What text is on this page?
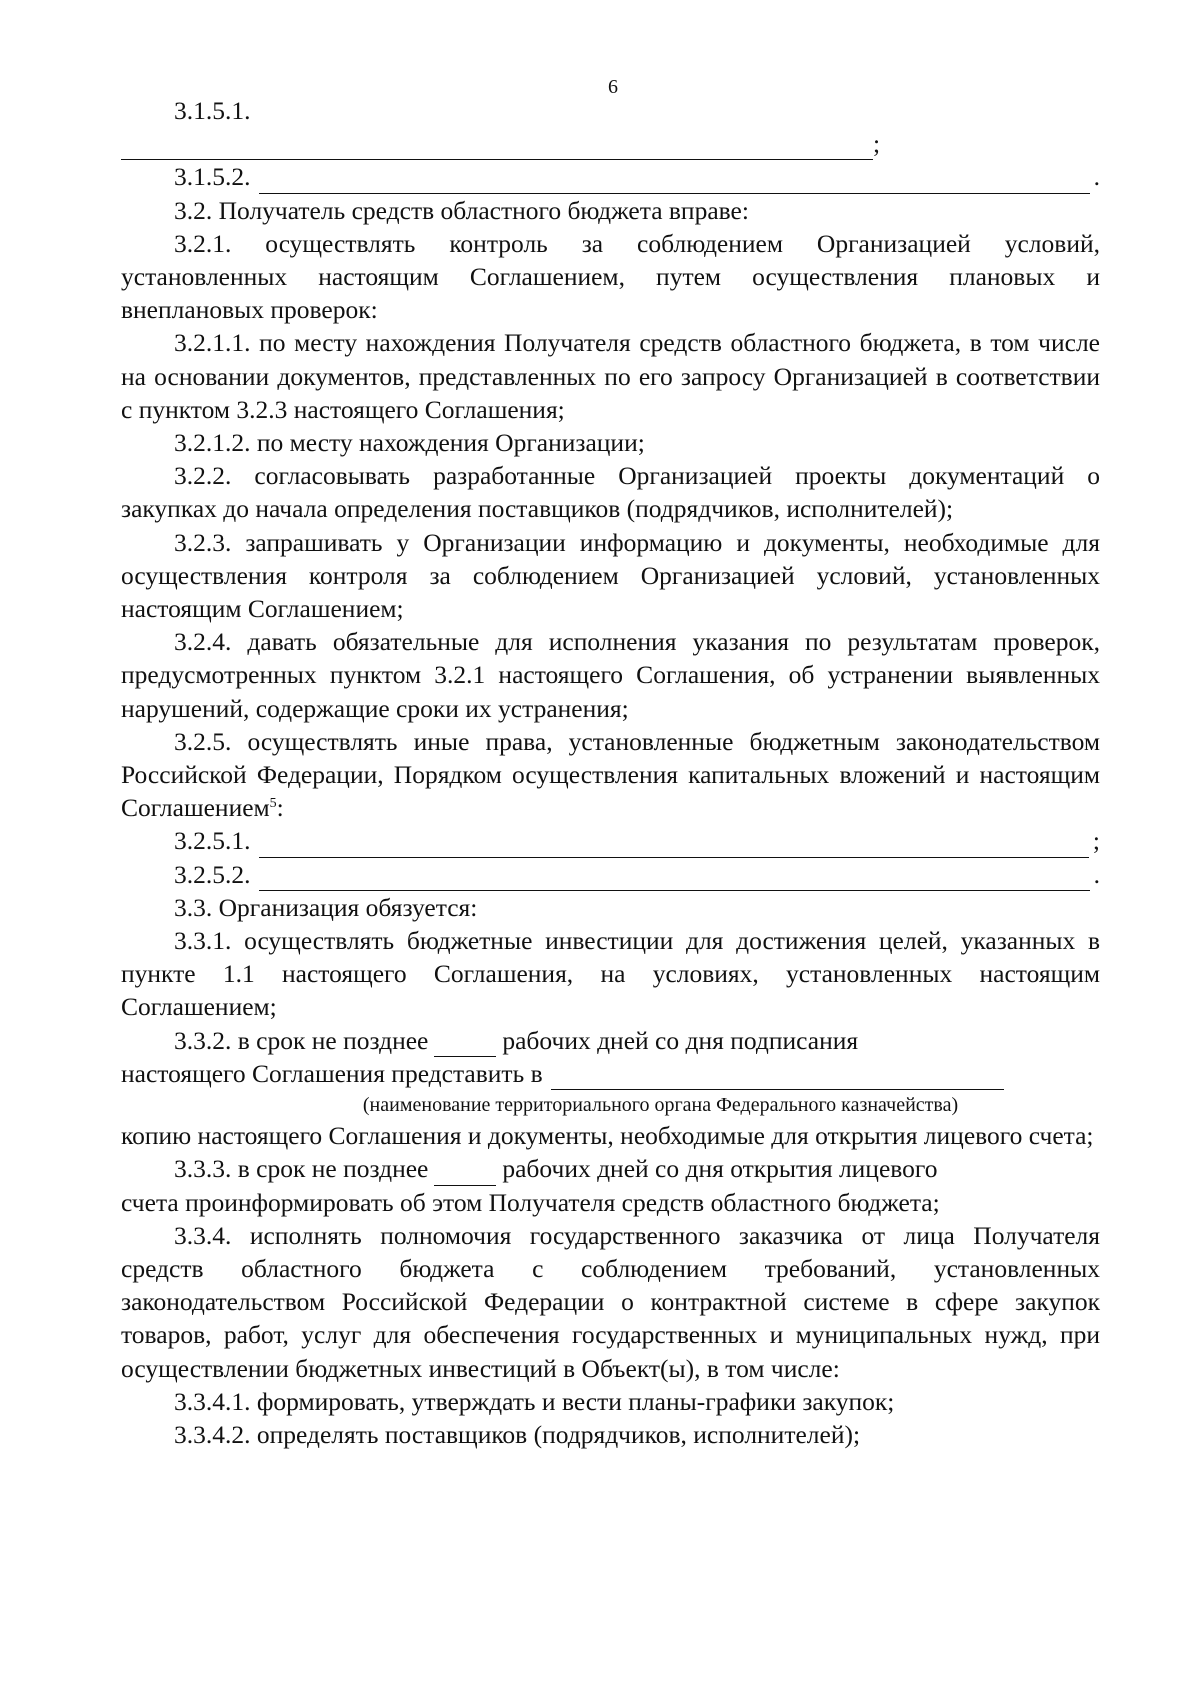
6
3.1.5.1.
;
3.1.5.2.	.

3.2. Получатель средств областного бюджета вправе:

3.2.1. осуществлять контроль за соблюдением Организацией условий, установленных настоящим Соглашением, путем осуществления плановых и внеплановых проверок:

3.2.1.1. по месту нахождения Получателя средств областного бюджета, в том числе на основании документов, представленных по его запросу Организацией в соответствии с пунктом 3.2.3 настоящего Соглашения;

3.2.1.2. по месту нахождения Организации;

3.2.2. согласовывать разработанные Организацией проекты документаций о закупках до начала определения поставщиков (подрядчиков, исполнителей);

3.2.3. запрашивать у Организации информацию и документы, необходимые для осуществления контроля за соблюдением Организацией условий, установленных настоящим Соглашением;

3.2.4. давать обязательные для исполнения указания по результатам проверок, предусмотренных пунктом 3.2.1 настоящего Соглашения, об устранении выявленных нарушений, содержащие сроки их устранения;

3.2.5. осуществлять иные права, установленные бюджетным законодательством Российской Федерации, Порядком осуществления капитальных вложений и настоящим Соглашением$^5$:

3.2.5.1.	;
3.2.5.2.	.

3.3. Организация обязуется:

3.3.1. осуществлять бюджетные инвестиции для достижения целей, указанных в пункте 1.1 настоящего Соглашения, на условиях, установленных настоящим Соглашением;

3.3.2. в срок не позднее	рабочих дней со дня подписания
настоящего Соглашения представить в
(наименование территориального органа Федерального казначейства)

копию настоящего Соглашения и документы, необходимые для открытия лицевого счета;

3.3.3. в срок не позднее	рабочих дней со дня открытия лицевого

счета проинформировать об этом Получателя средств областного бюджета;

3.3.4. исполнять полномочия государственного заказчика от лица Получателя средств областного бюджета с соблюдением требований, установленных законодательством Российской Федерации о контрактной системе в сфере закупок товаров, работ, услуг для обеспечения государственных и муниципальных нужд, при осуществлении бюджетных инвестиций в Объект(ы), в том числе:

3.3.4.1. формировать, утверждать и вести планы-графики закупок;

3.3.4.2. определять поставщиков (подрядчиков, исполнителей);
